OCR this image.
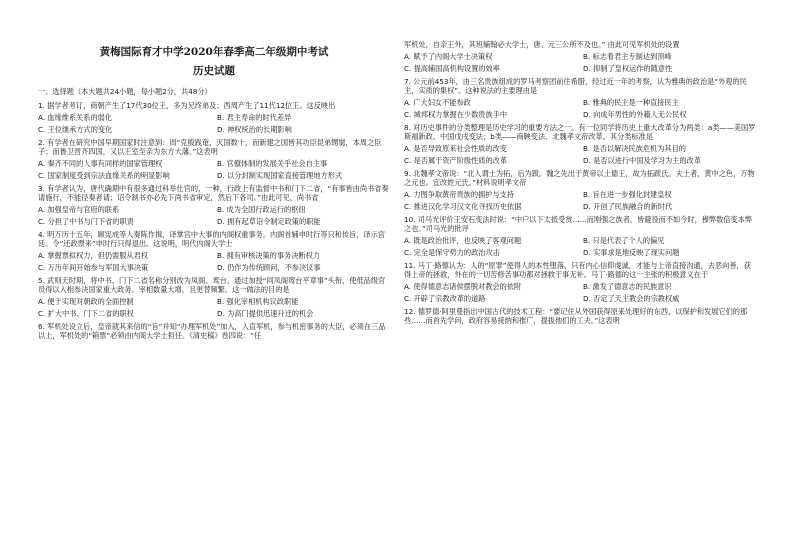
黄梅国际育才中学2020年春季高二年级期中考试
历史试题
一、选择题（本大题共24小题，每小题2分，共48分）
1. 据学者考订，商朝产生了17代30位王，多为兄终弟及；西周产生了11代12位王。这反映出
A. 血缘维系关系的弱化	B. 君主寿命的时代差异
C. 王位继承方式的变化	D. 神权统治的长期影响
2. 有学者在研究中国早期国家时注意到：周“克殷践奄，灭国数十，而新建之国皆其功臣昆弟甥舅，本周之臣子；而鲁卫晋齐四国，又以王室至亲为东方大藩。”这表明
A. 秦齐不同的人事有同样的国家管理权	B. 官僚体制的发展关乎社会自主事
C. 国家制度受到宗法血缘关系的明显影响	D. 以分封制实现国家直接管理地方形式
3. 有学者认为，唐代确期中有很多通过科举仕官的，一种，行政上有监督中书和门下二省，“有事皆由尚书省奏请施行，不能径奏者请；诏令制书亦必先下尚书省审定，然后下各司。”由此可见，尚书省
A. 加强皇帝与官府的联系	B. 成为全国行政运行的枢纽
C. 分担了中书与门下省的职责	D. 拥有起草诏令制定政策的职能
4. 明万历十五年，顾宪成等人奏陈作揖，译掌宫中大事的内阁权重事务。内阁首辅申时行等只和传旨，译示宫廷。令“还政票来”申时行只得退出。这说明，明代内阁大学士
A. 掌握票拟权力，但仍需服从君权	B. 拥有审核决策的事务决断权力
C. 万历年间开始参与军国大事决策	D. 仍作为传统顾问，不参决议事
5. 武则天时期，将中书、门下二省名称分别改为凤阁、鸾台，通过加授“同凤阁鸾台平章事”头衔，使低品级官员得以入相参决国家重大政务。宰相数量大增，且更替频繁。这一做法的目的是
A. 便于实现对朝政的全面控制	B. 强化宰相机构议政职能
C. 扩大中书、门下二省的职权	D. 为高门提供迅速升迁的机会
6. 军机处设立后，皇帝就其来信的“旨”并知“办理军机处”加入，入直军机，参与机密事务的大臣，必须在三品以上，军机处的“箱票”必须由内阁大学士担任。《清史稿》卷四说：“任
军机处，自亲王外，其班辅翰必大学士，唐、元三公所不及也。” 由此可见军机处的设置
A. 赋予了内阁大学士决策权	B. 标志着君主专制达到顶峰
C. 提高辅国高机构设置的效率	D. 抑制了皇权运作的随意性
7. 公元前453年，由三名贵族组成的罗马考察团前往希腊，经过近一年的考察，认为雅典的政治是“外观的民主，实质的集权”。这种说法的主要理由是
A. 广大妇女不能参政	B. 雅典的民主是一种直接民主
C. 城邦权力掌握在少数贵族手中	D. 向成年男性的外籍人无公民权
8. 对历史事件的分类整理是历史学习的重要方法之一。有一位同学将历史上重大改革分为两类：a类——美国罗斯福新政、中国戊戌变法；b类——商鞅变法、北魏孝文帝改革。其分类标准是
A. 是否导致原来社会性质的改变	B. 是否以解决民族危机为其目的
C. 是否属于资产阶级性质的改革	D. 是否以进行中国及学习为主的改革
9. 北魏孝文帝说：“北人谓土为拓，后为跋。魏之先出于黄帝以土德王，故为拓跋氏。夫土者，黄中之色，万物之元也。宜改姓元氏。”材料说明孝文帝
A. 力图争取黄帝贵族的拥护与支持	B. 旨在进一步强化封建皇权
C. 推进汉化学习汉文化寻找历史依据	D. 开创了民族融合的新时代
10. 司马光评价王安石变法时说：“中户以下太抵受赏……而刚强之族者，皆避役而不如今时，穆弊数倍变本弊之也。”司马光的批评
A. 既是政治批评，也反映了客观问题	B. 只是代表了个人的偏见
C. 完全是保守势力的政治攻击	D. 实事求是地反映了现实问题
11. 马丁·路德认为：人的“原罪”使得人的本性堕落，只有内心信仰虔诚，才能与上帝直接沟通，去恶向善，获得上帝的拯救，外在的一切苦修苦事功都对拯救于事无补。马丁·路德的这一主张的积极意义在于
A. 使得德意志诸侯摆脱对教会的依附	B. 激发了德意志的民族意识
C. 开辟了宗教改革的道路	D. 否定了天主教会的宗教权威
12. 德罗德·阿里曼指出中国古代的技术工程：“要记住从外国获得原来处理好的东西，以保护和发展它们的那些……而首先学问，政府容易接纳和推广，提拔他们的工夫。”这表明
